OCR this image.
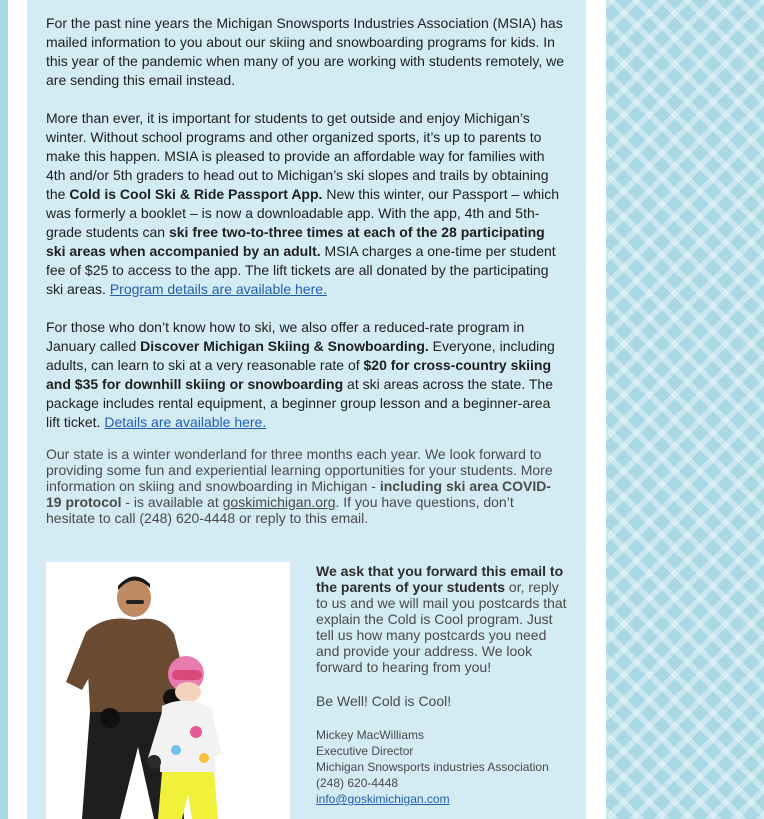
For the past nine years the Michigan Snowsports Industries Association (MSIA) has mailed information to you about our skiing and snowboarding programs for kids. In this year of the pandemic when many of you are working with students remotely, we are sending this email instead.

More than ever, it is important for students to get outside and enjoy Michigan’s winter. Without school programs and other organized sports, it’s up to parents to make this happen. MSIA is pleased to provide an affordable way for families with 4th and/or 5th graders to head out to Michigan’s ski slopes and trails by obtaining the Cold is Cool Ski & Ride Passport App. New this winter, our Passport – which was formerly a booklet – is now a downloadable app. With the app, 4th and 5th-grade students can ski free two-to-three times at each of the 28 participating ski areas when accompanied by an adult. MSIA charges a one-time per student fee of $25 to access to the app. The lift tickets are all donated by the participating ski areas. Program details are available here.

For those who don’t know how to ski, we also offer a reduced-rate program in January called Discover Michigan Skiing & Snowboarding. Everyone, including adults, can learn to ski at a very reasonable rate of $20 for cross-country skiing and $35 for downhill skiing or snowboarding at ski areas across the state. The package includes rental equipment, a beginner group lesson and a beginner-area lift ticket. Details are available here.

Our state is a winter wonderland for three months each year. We look forward to providing some fun and experiential learning opportunities for your students. More information on skiing and snowboarding in Michigan - including ski area COVID-19 protocol - is available at goskimichigan.org. If you have questions, don’t hesitate to call (248) 620-4448 or reply to this email.

We ask that you forward this email to the parents of your students or, reply to us and we will mail you postcards that explain the Cold is Cool program. Just tell us how many postcards you need and provide your address. We look forward to hearing from you!

Be Well! Cold is Cool!

Mickey MacWilliams
Executive Director
Michigan Snowsports industries Association
(248) 620-4448
info@goskimichigan.com
